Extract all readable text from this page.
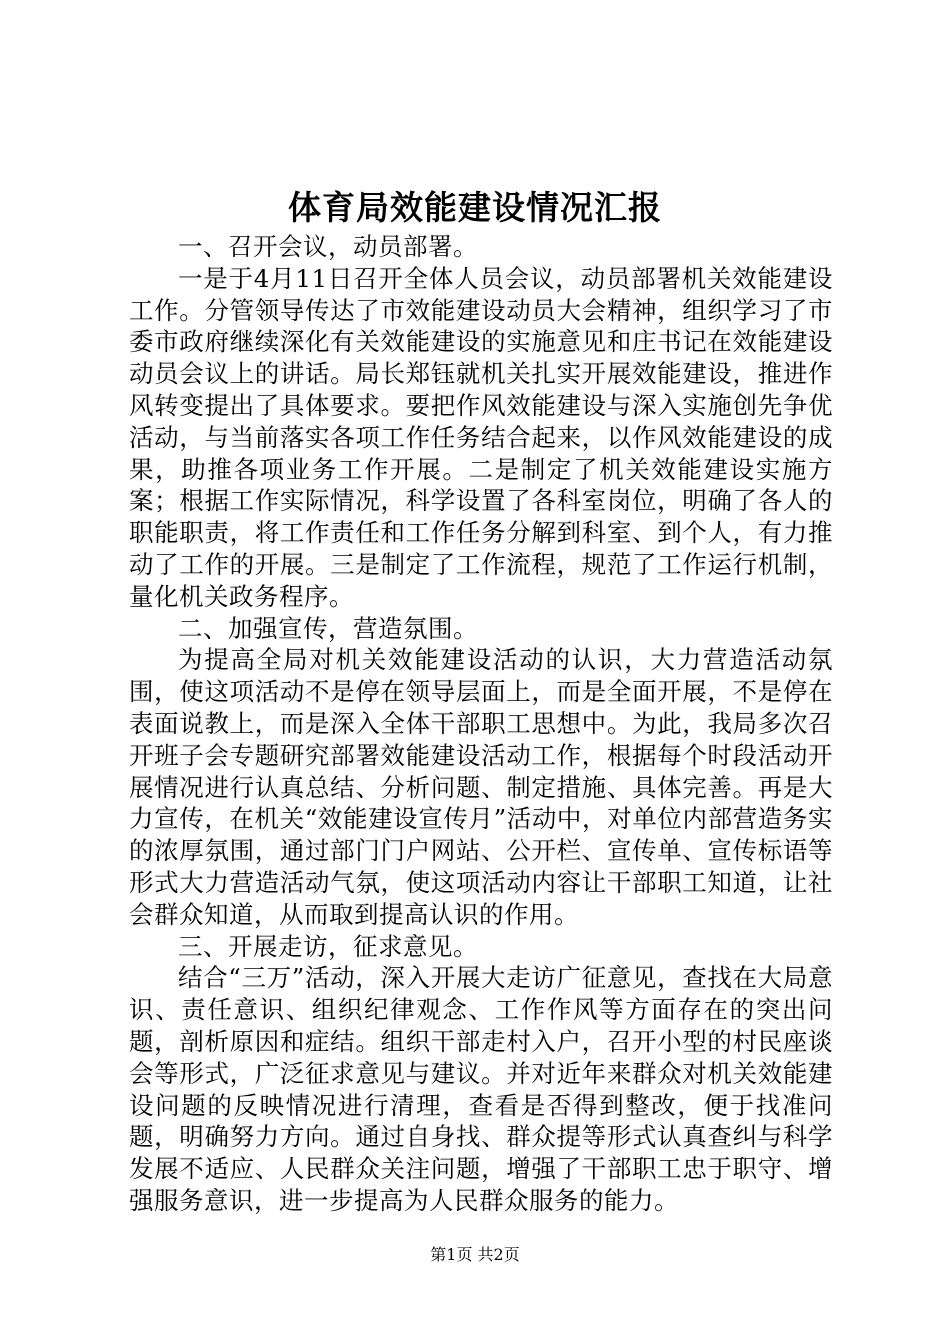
体育局效能建设情况汇报

一、召开会议，动员部署。

一是于4月11日召开全体人员会议，动员部署机关效能建设工作。分管领导传达了市效能建设动员大会精神，组织学习了市委市政府继续深化有关效能建设的实施意见和庄书记在效能建设动员会议上的讲话。局长郑钰就机关扎实开展效能建设，推进作风转变提出了具体要求。要把作风效能建设与深入实施创先争优活动，与当前落实各项工作任务结合起来，以作风效能建设的成果，助推各项业务工作开展。二是制定了机关效能建设实施方案；根据工作实际情况，科学设置了各科室岗位，明确了各人的职能职责，将工作责任和工作任务分解到科室、到个人，有力推动了工作的开展。三是制定了工作流程，规范了工作运行机制，量化机关政务程序。

二、加强宣传，营造氛围。

为提高全局对机关效能建设活动的认识，大力营造活动氛围，使这项活动不是停在领导层面上，而是全面开展，不是停在表面说教上，而是深入全体干部职工思想中。为此，我局多次召开班子会专题研究部署效能建设活动工作，根据每个时段活动开展情况进行认真总结、分析问题、制定措施、具体完善。再是大力宣传，在机关“效能建设宣传月”活动中，对单位内部营造务实的浓厚氛围，通过部门门户网站、公开栏、宣传单、宣传标语等形式大力营造活动气氛，使这项活动内容让干部职工知道，让社会群众知道，从而取到提高认识的作用。

三、开展走访，征求意见。

结合“三万”活动，深入开展大走访广征意见，查找在大局意识、责任意识、组织纪律观念、工作作风等方面存在的突出问题，剖析原因和症结。组织干部走村入户，召开小型的村民座谈会等形式，广泛征求意见与建议。并对近年来群众对机关效能建设问题的反映情况进行清理，查看是否得到整改，便于找准问题，明确努力方向。通过自身找、群众提等形式认真查纠与科学发展不适应、人民群众关注问题，增强了干部职工忠于职守、增强服务意识，进一步提高为人民群众服务的能力。

第1页 共2页
